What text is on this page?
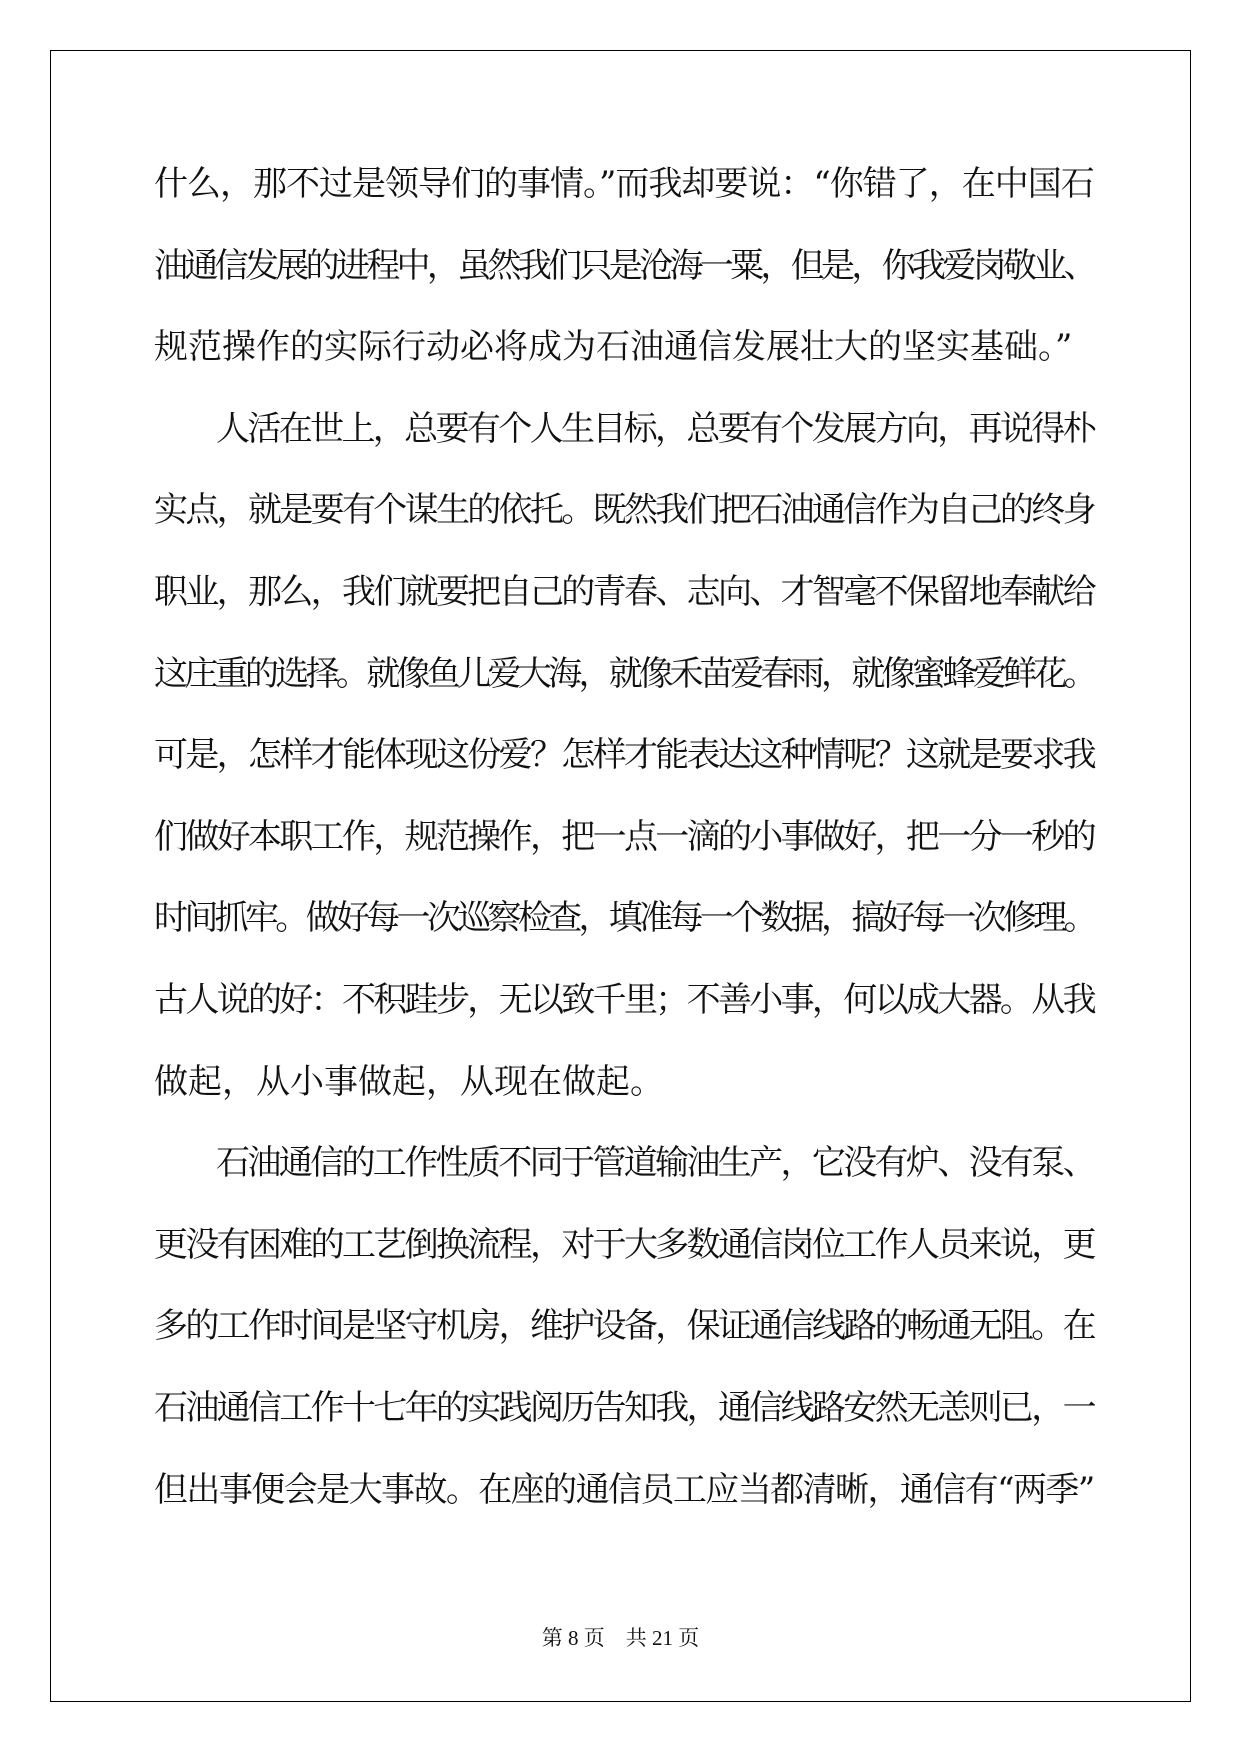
什么，那不过是领导们的事情。”而我却要说：“你错了，在中国石
油通信发展的进程中，虽然我们只是沧海一粟，但是，你我爱岗敬业、
规范操作的实际行动必将成为石油通信发展壮大的坚实基础。”
人活在世上，总要有个人生目标，总要有个发展方向，再说得朴
实点，就是要有个谋生的依托。既然我们把石油通信作为自己的终身
职业，那么，我们就要把自己的青春、志向、才智毫不保留地奉献给
这庄重的选择。就像鱼儿爱大海，就像禾苗爱春雨，就像蜜蜂爱鲜花。
可是，怎样才能体现这份爱？怎样才能表达这种情呢？这就是要求我
们做好本职工作，规范操作，把一点一滴的小事做好，把一分一秒的
时间抓牢。做好每一次巡察检查，填准每一个数据，搞好每一次修理。
古人说的好：不积跬步，无以致千里；不善小事，何以成大器。从我
做起，从小事做起，从现在做起。
石油通信的工作性质不同于管道输油生产，它没有炉、没有泵、
更没有困难的工艺倒换流程，对于大多数通信岗位工作人员来说，更
多的工作时间是坚守机房，维护设备，保证通信线路的畅通无阻。在
石油通信工作十七年的实践阅历告知我，通信线路安然无恙则已，一
但出事便会是大事故。在座的通信员工应当都清晰，通信有“两季”
第 8 页 共 21 页
